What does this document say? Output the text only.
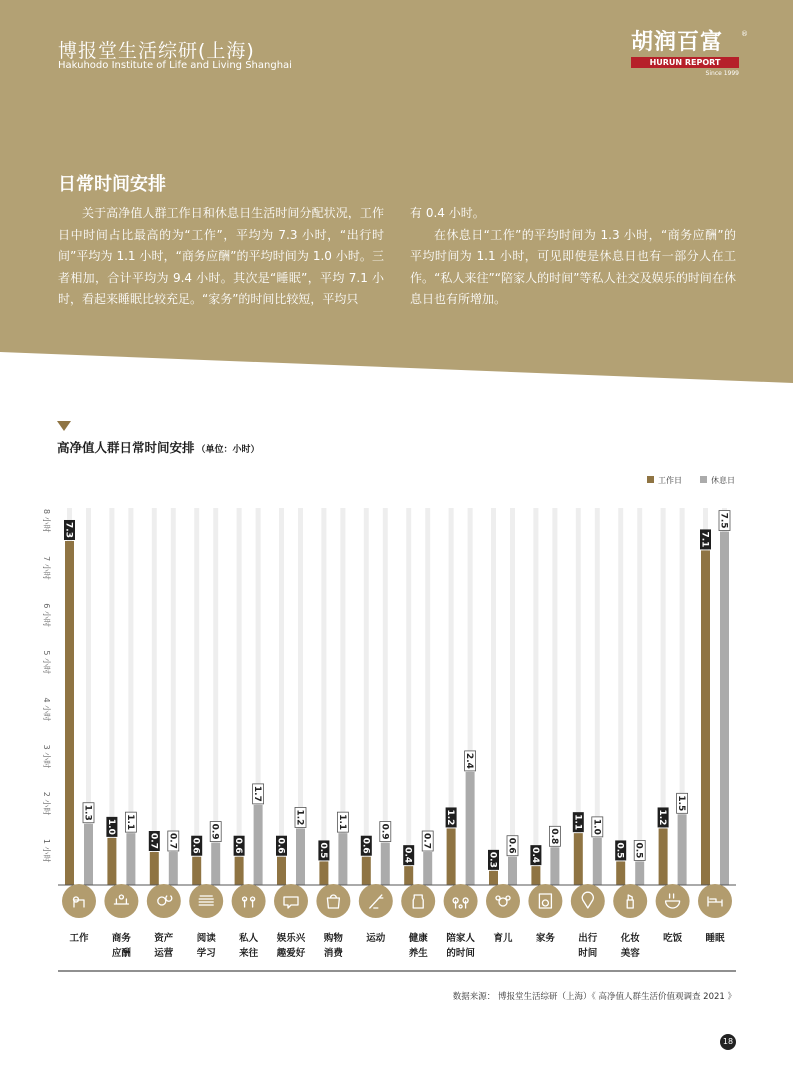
博报堂生活综研(上海)
Hakuhodo Institute of Life and Living Shanghai
胡润百富	®
HURUN REPORT
Since 1999
日常时间安排

关于高净值人群工作日和休息日生活时间分配状况，工作日中时间占比最高的为“工作”，平均为 7.3 小时，“出行时间”平均为 1.1 小时，“商务应酬”的平均时间为 1.0 小时。三者相加，合计平均为 9.4 小时。其次是“睡眠”，平均 7.1 小时，看起来睡眠比较充足。“家务”的时间比较短，平均只

有 0.4 小时。

在休息日“工作”的平均时间为 1.3 小时，“商务应酬”的平均时间为 1.1 小时，可见即使是休息日也有一部分人在工作。“私人来往”“陪家人的时间”等私人社交及娱乐的时间在休息日也有所增加。

高净值人群日常时间安排 （单位：小时）
工作日	休息日
1 小时
2 小时
3 小时
4 小时
5 小时
6 小时
7 小时
8 小时 7.3
1.3
1.0 1.1
0.7 0.7 0.6
0.9
0.6
1.7
0.6
1.2
0.5
1.1
0.6
0.9
0.4
0.7
1.2
2.4
0.3
0.6
0.4
0.8
1.1 1.0
0.5 0.5
1.2
1.5
7.1
7.5
工作 商务
应酬
资产
运营
阅读
学习
私人
来往
娱乐兴
趣爱好
购物
消费
运动 健康
养生
陪家人
的时间
育儿 家务 出行
时间
化妆
美容
吃饭 睡眠
数据来源： 博报堂生活综研（上海）《 高净值人群生活价值观调查 2021 》
18
